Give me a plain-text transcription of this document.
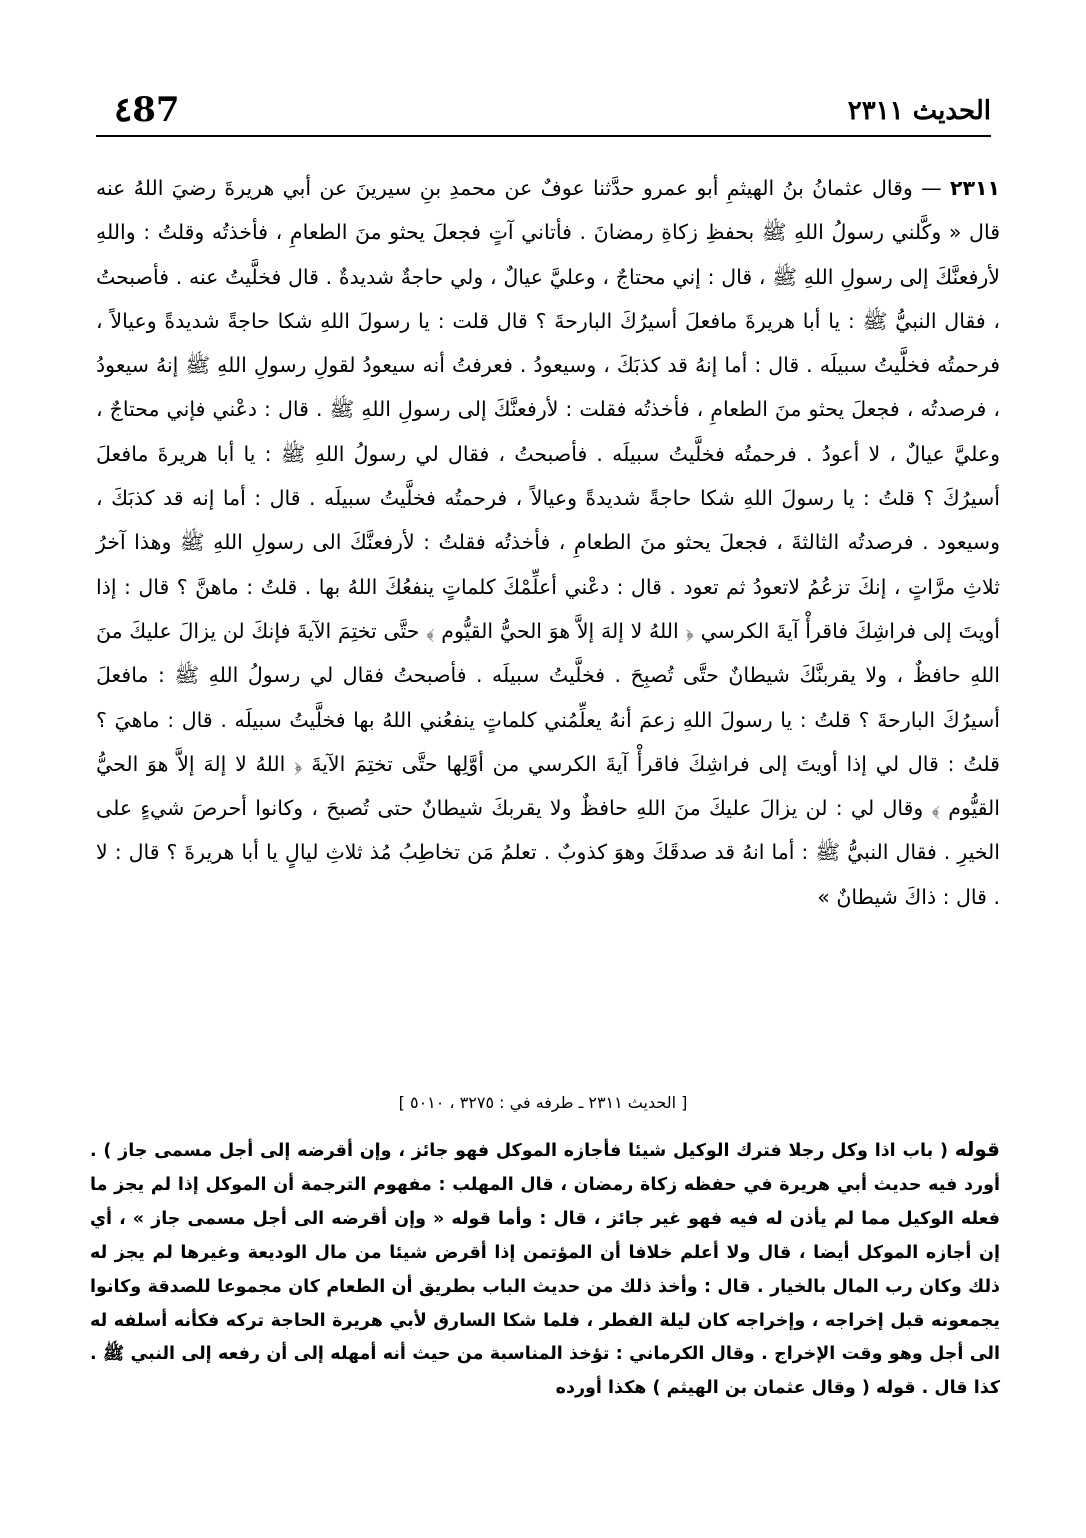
٤87	الحديث ٢٣١١
٢٣١١ — وقال عثمانُ بنُ الهيثمِ أبو عمرو حدَّثنا عوفٌ عن محمدِ بنِ سيرينَ عن أبي هريرةَ رضيَ اللهُ عنه قال « وكَّلني رسولُ اللهِ ﷺ بحفظِ زكاةِ رمضانَ . فأتاني آتٍ فجعلَ يحثو منَ الطعامِ ، فأخذتُه وقلتُ : واللهِ لأرفعنَّكَ إلى رسولِ اللهِ ﷺ ، قال : إني محتاجٌ ، وعليَّ عيالٌ ، ولي حاجةٌ شديدةٌ . قال فخلَّيتُ عنه . فأصبحتُ ، فقال النبيُّ ﷺ : يا أبا هريرةَ مافعلَ أسيرُكَ البارحةَ ؟ قال قلت : يا رسولَ اللهِ شكا حاجةً شديدةً وعيالاً ، فرحمتُه فخلَّيتُ سبيلَه . قال : أما إنهُ قد كذبَكَ ، وسيعودُ . فعرفتُ أنه سيعودُ لقولِ رسولِ اللهِ ﷺ إنهُ سيعودُ ، فرصدتُه ، فجعلَ يحثو منَ الطعامِ ، فأخذتُه فقلت : لأرفعنَّكَ إلى رسولِ اللهِ ﷺ . قال : دعْني فإني محتاجٌ ، وعليَّ عيالٌ ، لا أعودُ . فرحمتُه فخلَّيتُ سبيلَه . فأصبحتُ ، فقال لي رسولُ اللهِ ﷺ : يا أبا هريرةَ مافعلَ أسيرُكَ ؟ قلتُ : يا رسولَ اللهِ شكا حاجةً شديدةً وعيالاً ، فرحمتُه فخلَّيتُ سبيلَه . قال : أما إنه قد كذبَكَ ، وسيعود . فرصدتُه الثالثةَ ، فجعلَ يحثو منَ الطعامِ ، فأخذتُه فقلتُ : لأرفعنَّكَ الى رسولِ اللهِ ﷺ وهذا آخرُ ثلاثِ مرَّاتٍ ، إنكَ تزعُمُ لاتعودُ ثم تعود . قال : دعْني أعلِّمْكَ كلماتٍ ينفعُكَ اللهُ بها . قلتُ : ماهنَّ ؟ قال : إذا أويتَ إلى فراشِكَ فاقرأْ آيةَ الكرسي ﴿ اللهُ لا إلهَ إلاَّ هوَ الحيُّ القيُّوم ﴾ حتَّى تختِمَ الآيةَ فإنكَ لن يزالَ عليكَ منَ اللهِ حافظٌ ، ولا يقربنَّكَ شيطانٌ حتَّى تُصبِحَ . فخلَّيتُ سبيلَه . فأصبحتُ فقال لي رسولُ اللهِ ﷺ : مافعلَ أسيرُكَ البارحةَ ؟ قلتُ : يا رسولَ اللهِ زعمَ أنهُ يعلِّمُني كلماتٍ ينفعُني اللهُ بها فخلَّيتُ سبيلَه . قال : ماهيَ ؟ قلتُ : قال لي إذا أويتَ إلى فراشِكَ فاقرأْ آيةَ الكرسي من أوَّلِها حتَّى تختِمَ الآيةَ ﴿ اللهُ لا إلهَ إلاَّ هوَ الحيُّ القيُّوم ﴾ وقال لي : لن يزالَ عليكَ منَ اللهِ حافظٌ ولا يقربكَ شيطانٌ حتى تُصبحَ ، وكانوا أحرصَ شيءٍ على الخيرِ . فقال النبيُّ ﷺ : أما انهُ قد صدقَكَ وهوَ كذوبٌ . تعلمُ مَن تخاطِبُ مُذ ثلاثِ ليالٍ يا أبا هريرةَ ؟ قال : لا . قال : ذاكَ شيطانٌ »
[ الحديث ٢٣١١ ـ طرفه في : ٣٢٧٥ ، ٥٠١٠ ]
قوله ( باب اذا وكل رجلا فترك الوكيل شيئا فأجازه الموكل فهو جائز ، وإن أقرضه إلى أجل مسمى جاز ) . أورد فيه حديث أبي هريرة في حفظه زكاة رمضان ، قال المهلب : مفهوم الترجمة أن الموكل إذا لم يجز ما فعله الوكيل مما لم يأذن له فيه فهو غير جائز ، قال : وأما قوله « وإن أقرضه الى أجل مسمى جاز » ، أي إن أجازه الموكل أيضا ، قال ولا أعلم خلافا أن المؤتمن إذا أقرض شيئا من مال الوديعة وغيرها لم يجز له ذلك وكان رب المال بالخيار . قال : وأخذ ذلك من حديث الباب بطريق أن الطعام كان مجموعا للصدقة وكانوا يجمعونه قبل إخراجه ، وإخراجه كان ليلة الفطر ، فلما شكا السارق لأبي هريرة الحاجة تركه فكأنه أسلفه له الى أجل وهو وقت الإخراج . وقال الكرماني : تؤخذ المناسبة من حيث أنه أمهله إلى أن رفعه إلى النبي ﷺ . كذا قال . قوله ( وقال عثمان بن الهيثم ) هكذا أورده
